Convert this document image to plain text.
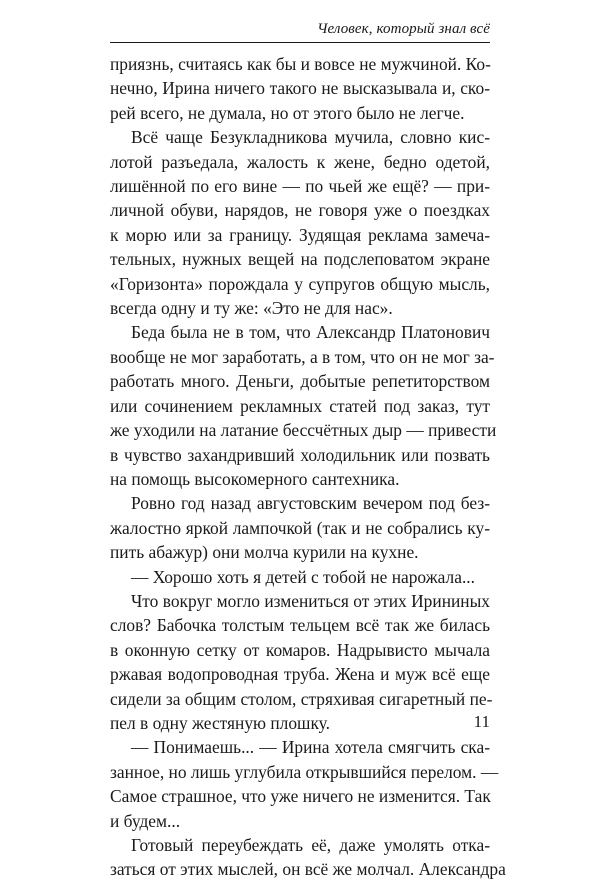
Человек, который знал всё

приязнь, считаясь как бы и вовсе не мужчиной. Ко-
нечно, Ирина ничего такого не высказывала и, ско-
рей всего, не думала, но от этого было не легче.

Всё чаще Безукладникова мучила, словно кис-
лотой разъедала, жалость к жене, бедно одетой,
лишённой по его вине — по чьей же ещё? — при-
личной обуви, нарядов, не говоря уже о поездках
к морю или за границу. Зудящая реклама замеча-
тельных, нужных вещей на подслеповатом экране
«Горизонта» порождала у супругов общую мысль,
всегда одну и ту же: «Это не для нас».

Беда была не в том, что Александр Платонович
вообще не мог заработать, а в том, что он не мог за-
работать много. Деньги, добытые репетиторством
или сочинением рекламных статей под заказ, тут
же уходили на латание бессчётных дыр — привести
в чувство захандривший холодильник или позвать
на помощь высокомерного сантехника.

Ровно год назад августовским вечером под без-
жалостно яркой лампочкой (так и не собрались ку-
пить абажур) они молча курили на кухне.

— Хорошо хоть я детей с тобой не нарожала...

Что вокруг могло измениться от этих Ирининых
слов? Бабочка толстым тельцем всё так же билась
в оконную сетку от комаров. Надрывисто мычала
ржавая водопроводная труба. Жена и муж всё еще
сидели за общим столом, стряхивая сигаретный пе-
пел в одну жестяную плошку.

— Понимаешь... — Ирина хотела смягчить ска-
занное, но лишь углубила открывшийся перелом. —
Самое страшное, что уже ничего не изменится. Так
и будем...

Готовый переубеждать её, даже умолять отка-
заться от этих мыслей, он всё же молчал. Александра

11
